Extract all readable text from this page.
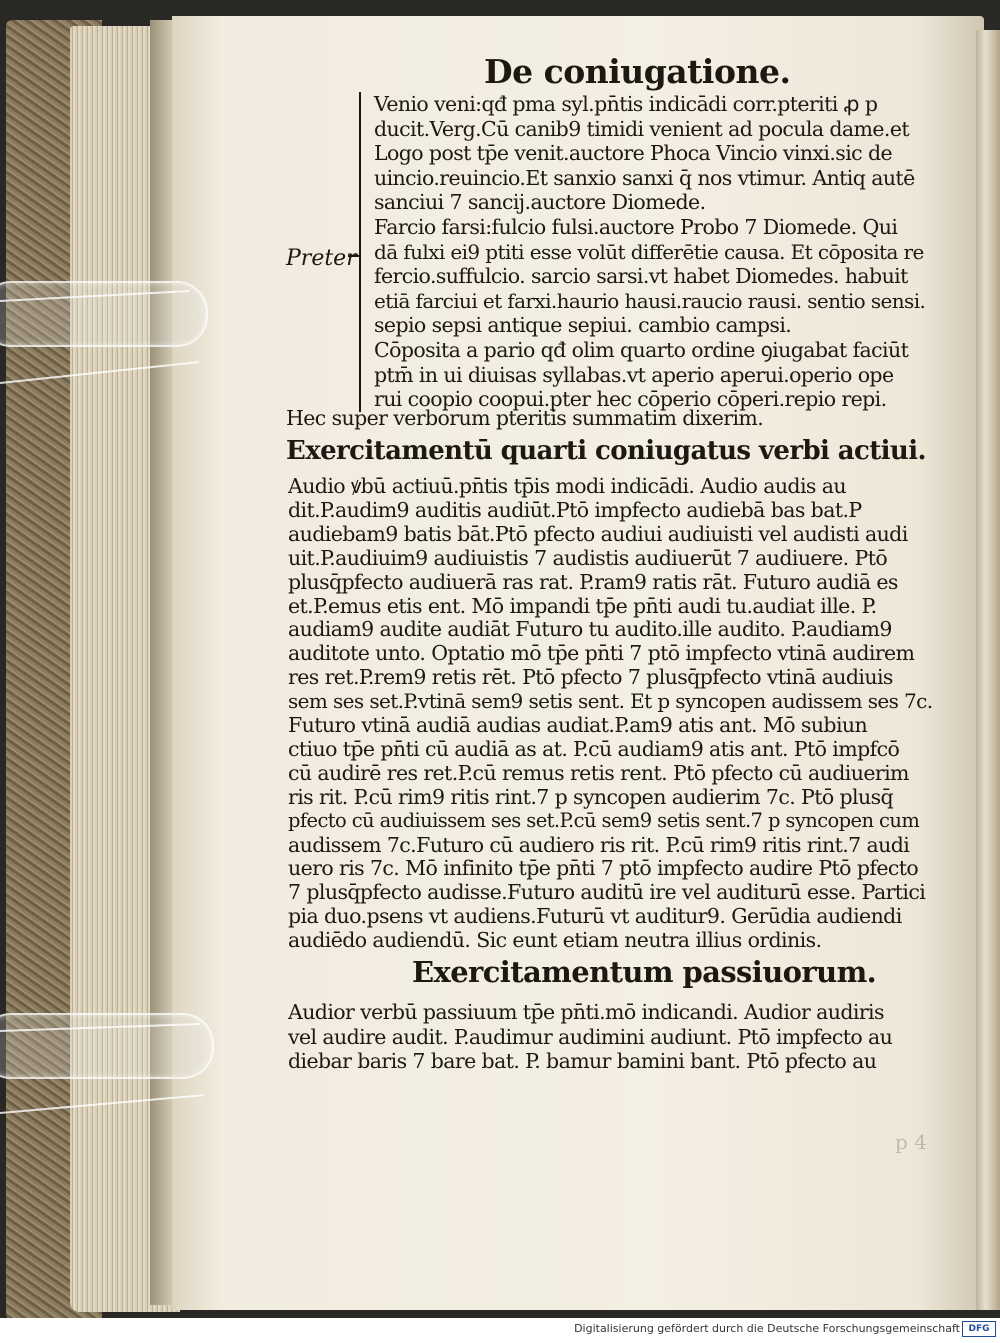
De coniugatione.
Preter
Venio veni:qđ pma syl.pn̄tis indicādi corr.pteriti ꝓ p
ducit.Verg.Cū canib9 timidi venient ad pocula dame.et
Logo post tp̄e venit.auctore Phoca Vincio vinxi.sic de
uincio.reuincio.Et sanxio sanxi q̄ nos vtimur. Antiq autē
sanciui 7 sancij.auctore Diomede.
Farcio farsi:fulcio fulsi.auctore Probo 7 Diomede. Qui
dā fulxi ei9 ptiti esse volūt differētie causa. Et cōposita re
fercio.suffulcio. sarcio sarsi.vt habet Diomedes. habuit
etiā farciui et farxi.haurio hausi.raucio rausi. sentio sensi.
sepio sepsi antique sepiui. cambio campsi.
Cōposita a pario qđ olim quarto ordine ꝯiugabat faciūt
ptm̄ in ui diuisas syllabas.vt aperio aperui.operio ope
rui coopio coopui.pter hec cōperio cōperi.repio repi.
Hec super verborum pteritis summatim dixerim.
Exercitamentū quarti coniugatus verbi actiui.
Audio ꝟbū actiuū.pn̄tis tp̄is modi indicādi. Audio audis au
dit.P.audim9 auditis audiūt.Ptō impfecto audiebā bas bat.P
audiebam9 batis bāt.Ptō pfecto audiui audiuisti vel audisti audi
uit.P.audiuim9 audiuistis 7 audistis audiuerūt 7 audiuere. Ptō
plusq̄pfecto audiuerā ras rat. P.ram9 ratis rāt. Futuro audiā es
et.P.emus etis ent. Mō impandi tp̄e pn̄ti audi tu.audiat ille. P.
audiam9 audite audiāt Futuro tu audito.ille audito. P.audiam9
auditote unto. Optatio mō tp̄e pn̄ti 7 ptō impfecto vtinā audirem
res ret.P.rem9 retis rēt. Ptō pfecto 7 plusq̄pfecto vtinā audiuis
sem ses set.P.vtinā sem9 setis sent. Et p syncopen audissem ses 7c.
Futuro vtinā audiā audias audiat.P.am9 atis ant. Mō subiun
ctiuo tp̄e pn̄ti cū audiā as at. P.cū audiam9 atis ant. Ptō impfcō
cū audirē res ret.P.cū remus retis rent. Ptō pfecto cū audiuerim
ris rit. P.cū rim9 ritis rint.7 p syncopen audierim 7c. Ptō plusq̄
pfecto cū audiuissem ses set.P.cū sem9 setis sent.7 p syncopen cum
audissem 7c.Futuro cū audiero ris rit. P.cū rim9 ritis rint.7 audi
uero ris 7c. Mō infinito tp̄e pn̄ti 7 ptō impfecto audire Ptō pfecto
7 plusq̄pfecto audisse.Futuro auditū ire vel auditurū esse. Partici
pia duo.psens vt audiens.Futurū vt auditur9. Gerūdia audiendi
audiēdo audiendū. Sic eunt etiam neutra illius ordinis.
Exercitamentum passiuorum.
Audior verbū passiuum tp̄e pn̄ti.mō indicandi. Audior audiris
vel audire audit. P.audimur audimini audiunt. Ptō impfecto au
diebar baris 7 bare bat. P. bamur bamini bant. Ptō pfecto au
p 4
Digitalisierung gefördert durch die Deutsche Forschungsgemeinschaft DFG
